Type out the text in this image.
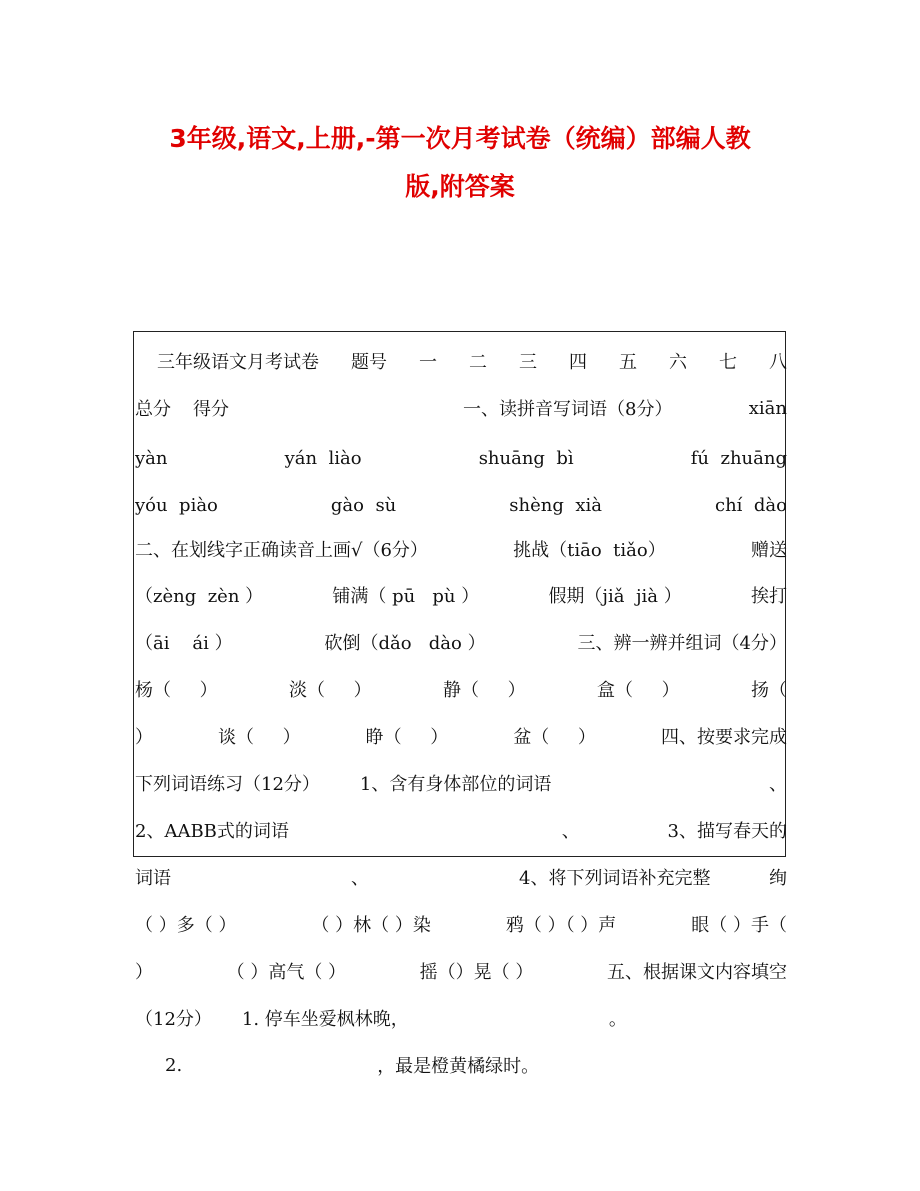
3年级,语文,上册,-第一次月考试卷（统编）部编人教
版,附答案
三年级语文月考试卷 题号 一 二 三 四 五 六 七 八
总分 得分	一、读拼音写词语（8分）	xiān
yàn	yán  liào	shuāng  bì	fú  zhuāng
yóu  piào	gào  sù	shèng  xià	chí  dào
二、在划线字正确读音上画√（6分）	挑战（tiāo  tiǎo）	赠送
（zèng  zèn ）	铺满（ pū   pù ）	假期（jiǎ  jià ）	挨打
（āi    ái ）	砍倒（dǎo   dào ）	三、辨一辨并组词（4分）
杨（     ）	淡（     ）	静（     ）	盒（     ）	扬（
）	谈（     ）	睁（     ）	盆（     ）	四、按要求完成
下列词语练习（12分） 1、含有身体部位的词语	、
2、AABB式的词语	、	3、描写春天的
词语	、	4、将下列词语补充完整	绚
（ ）多（ ）	（ ）林（ ）染	鸦（ ）（ ）声	眼（ ）手（
）	（ ）高气（ ）	摇（）晃（ ）	五、根据课文内容填空
（12分） 1. 停车坐爱枫林晚，	。
2.	，最是橙黄橘绿时。
